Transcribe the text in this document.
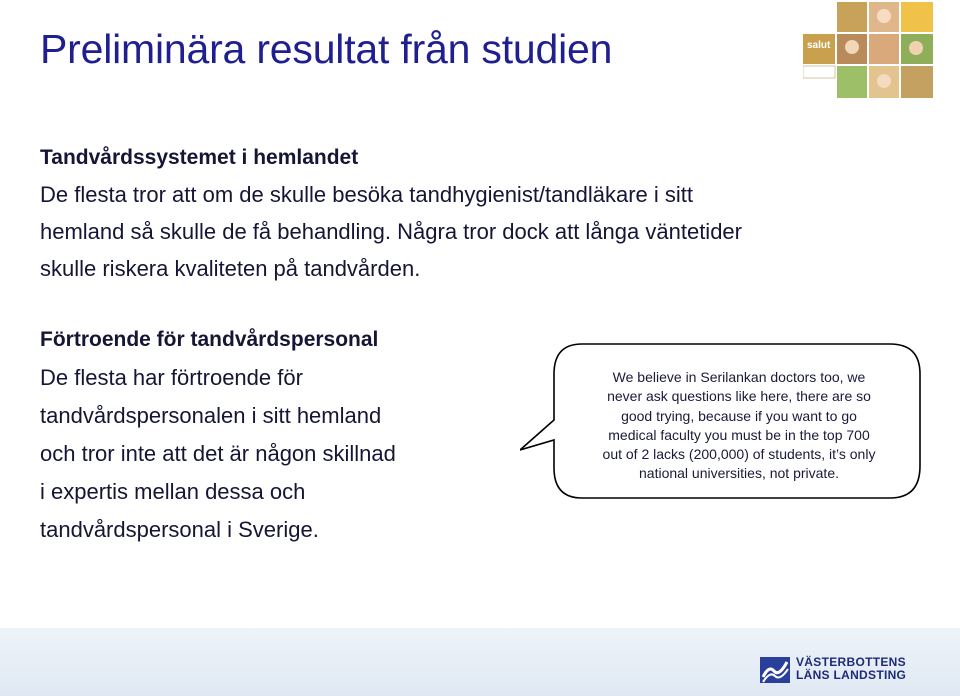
Preliminära resultat från studien	salut
Tandvårdssystemet i hemlandet
De flesta tror att om de skulle besöka tandhygienist/tandläkare i sitt
hemland så skulle de få behandling. Några tror dock att långa väntetider
skulle riskera kvaliteten på tandvården.
Förtroende för tandvårdspersonal
De flesta har förtroende för
tandvårdspersonalen i sitt hemland
och tror inte att det är någon skillnad
i expertis mellan dessa och
tandvårdspersonal i Sverige.
We believe in Serilankan doctors too, we
never ask questions like here, there are so
good trying, because if you want to go
medical faculty you must be in the top 700
out of 2 lacks (200,000) of students, it’s only
national universities, not private.
VÄSTERBOTTENS
LÄNS LANDSTING
